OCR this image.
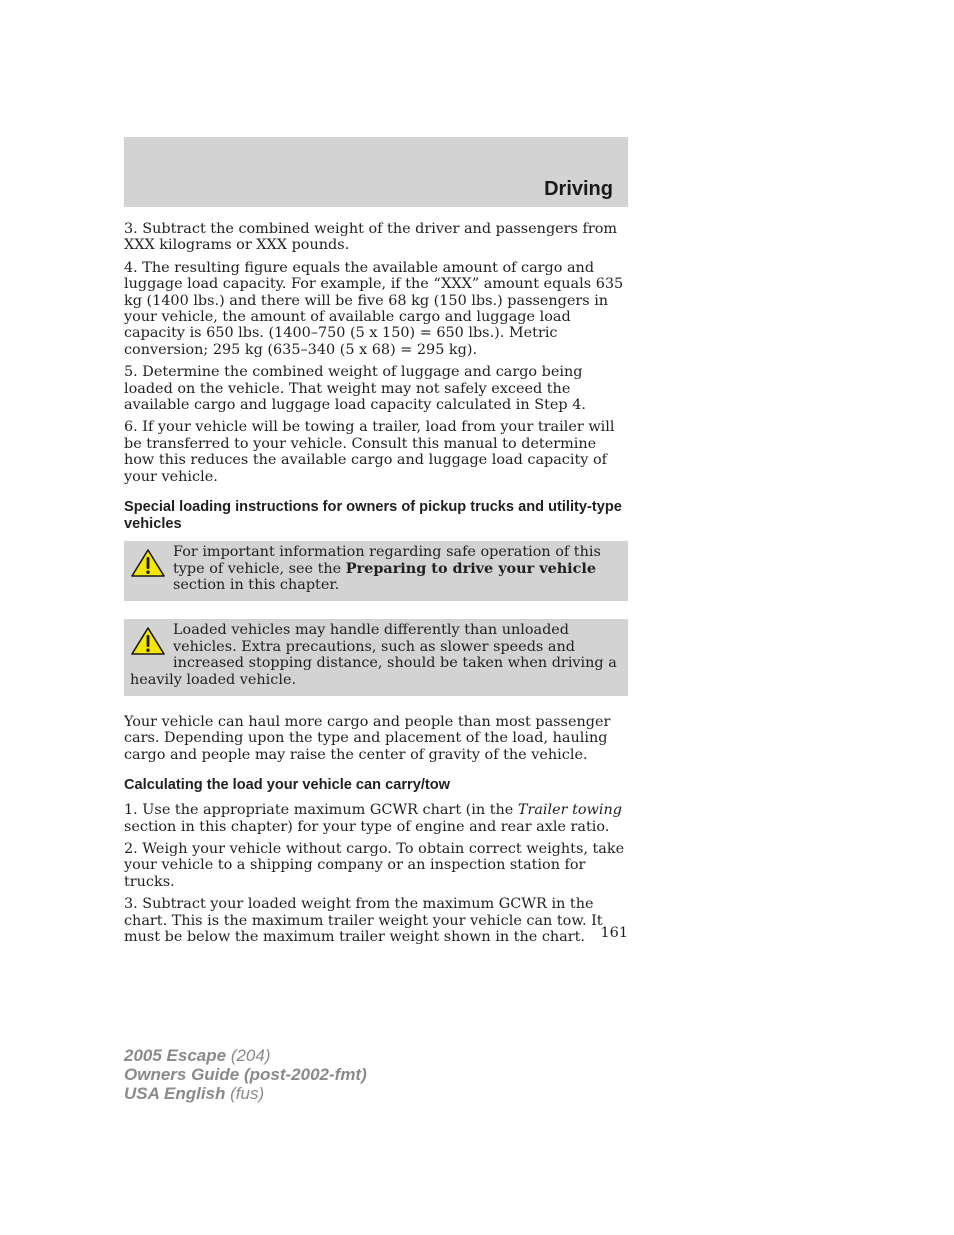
Driving

3. Subtract the combined weight of the driver and passengers from XXX kilograms or XXX pounds.

4. The resulting figure equals the available amount of cargo and luggage load capacity. For example, if the “XXX” amount equals 635 kg (1400 lbs.) and there will be five 68 kg (150 lbs.) passengers in your vehicle, the amount of available cargo and luggage load capacity is 650 lbs. (1400–750 (5 x 150) = 650 lbs.). Metric conversion; 295 kg (635–340 (5 x 68) = 295 kg).

5. Determine the combined weight of luggage and cargo being loaded on the vehicle. That weight may not safely exceed the available cargo and luggage load capacity calculated in Step 4.

6. If your vehicle will be towing a trailer, load from your trailer will be transferred to your vehicle. Consult this manual to determine how this reduces the available cargo and luggage load capacity of your vehicle.

Special loading instructions for owners of pickup trucks and utility-type vehicles

For important information regarding safe operation of this type of vehicle, see the Preparing to drive your vehicle section in this chapter.

Loaded vehicles may handle differently than unloaded vehicles. Extra precautions, such as slower speeds and increased stopping distance, should be taken when driving a heavily loaded vehicle.

Your vehicle can haul more cargo and people than most passenger cars. Depending upon the type and placement of the load, hauling cargo and people may raise the center of gravity of the vehicle.

Calculating the load your vehicle can carry/tow

1. Use the appropriate maximum GCWR chart (in the Trailer towing section in this chapter) for your type of engine and rear axle ratio.

2. Weigh your vehicle without cargo. To obtain correct weights, take your vehicle to a shipping company or an inspection station for trucks.

3. Subtract your loaded weight from the maximum GCWR in the chart. This is the maximum trailer weight your vehicle can tow. It must be below the maximum trailer weight shown in the chart.	161
2005 Escape (204)
Owners Guide (post-2002-fmt)
USA English (fus)
